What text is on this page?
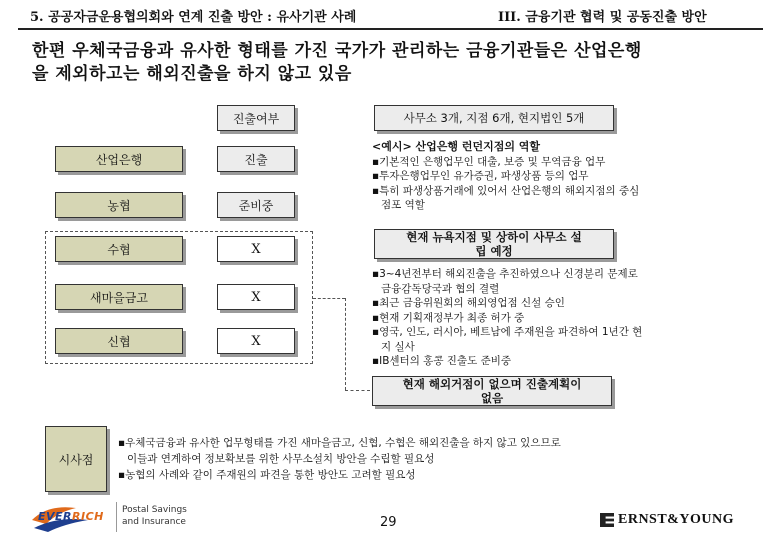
5. 공공자금운용협의회와 연계 진출 방안 : 유사기관 사례	III. 금융기관 협력 및 공동진출 방안
한편 우체국금융과 유사한 형태를 가진 국가가 관리하는 금융기관들은 산업은행
을 제외하고는 해외진출을 하지 않고 있음
진출여부
산업은행	진출
농협	준비중
수협	X
새마을금고	X
신협	X
사무소 3개, 지점 6개, 현지법인 5개
<예시> 산업은행 런던지점의 역할
▪기본적인 은행업무인 대출, 보증 및 무역금융 업무
▪투자은행업무인 유가증권, 파생상품 등의 업무
▪특히 파생상품거래에 있어서 산업은행의 해외지점의 중심
점포 역할
현재 뉴욕지점 및 상하이 사무소 설
립 예정
▪3~4년전부터 해외진출을 추진하였으나 신경분리 문제로
금융감독당국과 협의 결렬
▪최근 금융위원회의 해외영업점 신설 승인
▪현재 기획재정부가 최종 허가 중
▪영국, 인도, 러시아, 베트남에 주재원을 파견하여 1년간 현
지 실사
▪IB센터의 홍콩 진출도 준비중
현재 해외거점이 없으며 진출계획이
없음
시사점
▪우체국금융과 유사한 업무형태를 가진 새마을금고, 신협, 수협은 해외진출을 하지 않고 있으므로
이들과 연계하여 정보확보를 위한 사무소설치 방안을 수립할 필요성
▪농협의 사례와 같이 주재원의 파견을 통한 방안도 고려할 필요성
EVERRICH Postal Savings
and Insurance	29	ERNST&YOUNG
